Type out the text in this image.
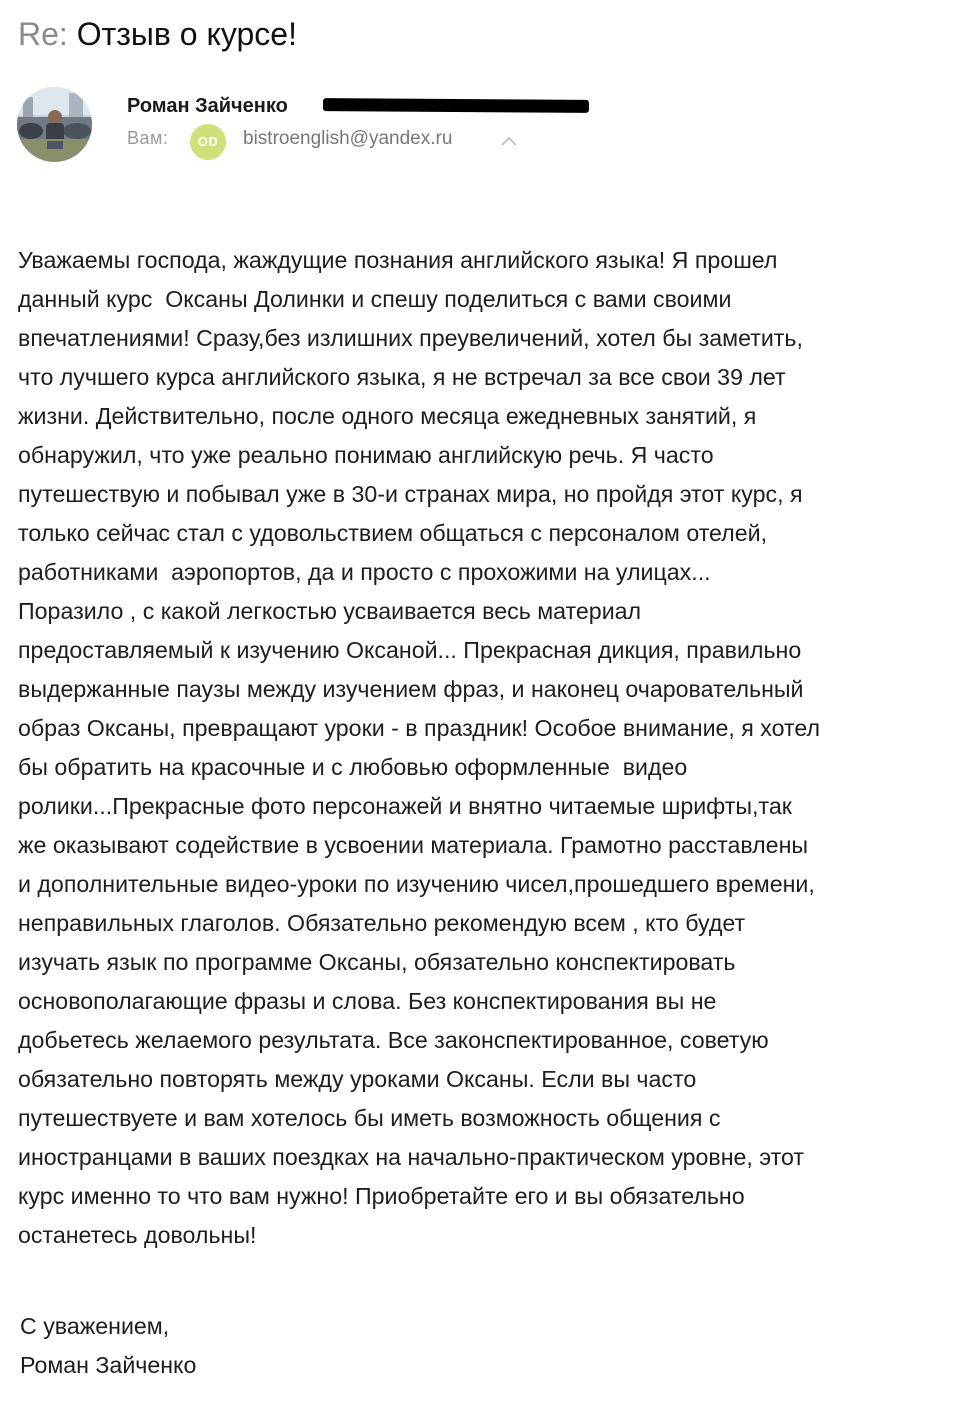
Re: Отзыв о курсе!
Роман Зайченко
Вам:	OD	bistroenglish@yandex.ru
Уважаемы господа, жаждущие познания английского языка! Я прошел
данный курс  Оксаны Долинки и спешу поделиться с вами своими
впечатлениями! Сразу,без излишних преувеличений, хотел бы заметить,
что лучшего курса английского языка, я не встречал за все свои 39 лет
жизни. Действительно, после одного месяца ежедневных занятий, я
обнаружил, что уже реально понимаю английскую речь. Я часто
путешествую и побывал уже в 30-и странах мира, но пройдя этот курс, я
только сейчас стал с удовольствием общаться с персоналом отелей,
работниками  аэропортов, да и просто с прохожими на улицах...
Поразило , с какой легкостью усваивается весь материал
предоставляемый к изучению Оксаной... Прекрасная дикция, правильно
выдержанные паузы между изучением фраз, и наконец очаровательный
образ Оксаны, превращают уроки - в праздник! Особое внимание, я хотел
бы обратить на красочные и с любовью оформленные  видео
ролики...Прекрасные фото персонажей и внятно читаемые шрифты,так
же оказывают содействие в усвоении материала. Грамотно расставлены
и дополнительные видео-уроки по изучению чисел,прошедшего времени,
неправильных глаголов. Обязательно рекомендую всем , кто будет
изучать язык по программе Оксаны, обязательно конспектировать
основополагающие фразы и слова. Без конспектирования вы не
добьетесь желаемого результата. Все законспектированное, советую
обязательно повторять между уроками Оксаны. Если вы часто
путешествуете и вам хотелось бы иметь возможность общения с
иностранцами в ваших поездках на начально-практическом уровне, этот
курс именно то что вам нужно! Приобретайте его и вы обязательно
останетесь довольны!
С уважением,
Роман Зайченко
